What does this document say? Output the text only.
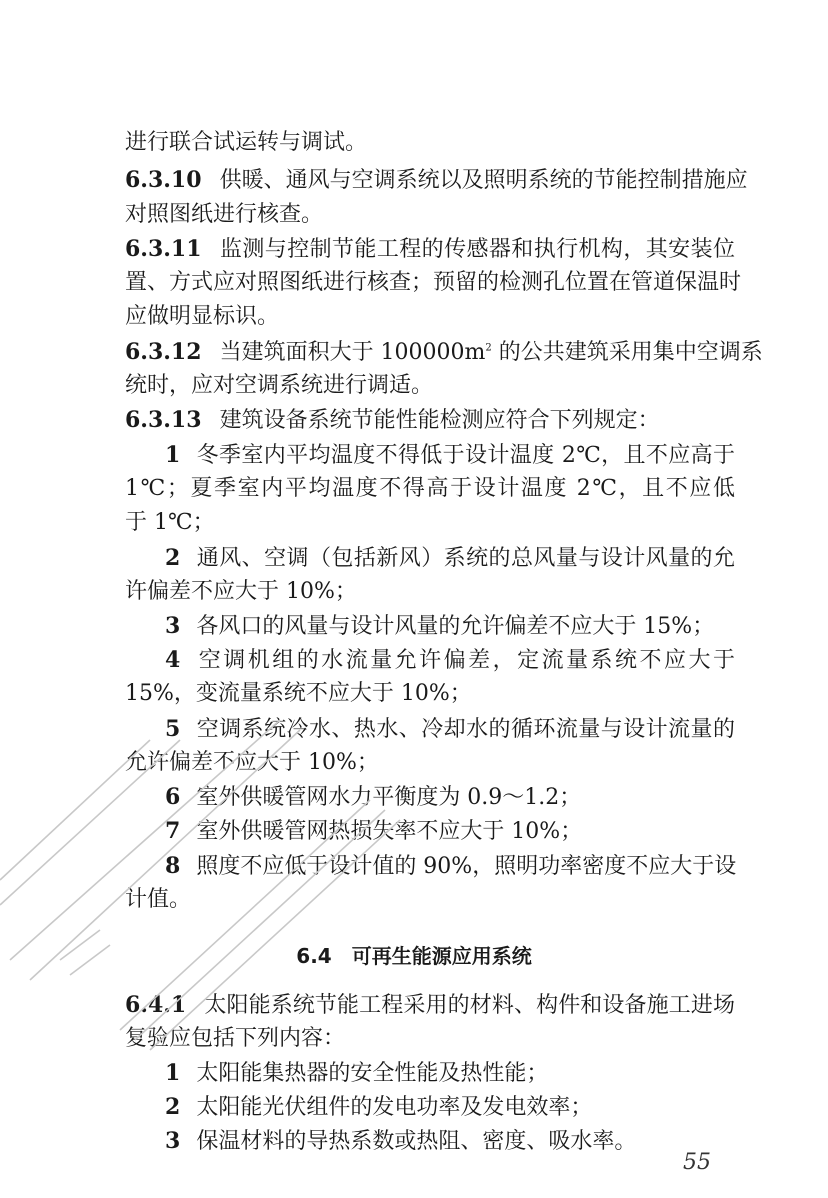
进行联合试运转与调试。
6.3.10 供暖、通风与空调系统以及照明系统的节能控制措施应
对照图纸进行核查。
6.3.11 监测与控制节能工程的传感器和执行机构，其安装位
置、方式应对照图纸进行核查；预留的检测孔位置在管道保温时
应做明显标识。
6.3.12 当建筑面积大于 $100000m^2$ 的公共建筑采用集中空调系
统时，应对空调系统进行调适。
6.3.13 建筑设备系统节能性能检测应符合下列规定：
1 冬季室内平均温度不得低于设计温度 2℃，且不应高于
1℃；夏季室内平均温度不得高于设计温度 2℃，且不应低
于 1℃；
2 通风、空调（包括新风）系统的总风量与设计风量的允
许偏差不应大于 10%；
3 各风口的风量与设计风量的允许偏差不应大于 15%；
4 空调机组的水流量允许偏差，定流量系统不应大于
15%，变流量系统不应大于 10%；
5 空调系统冷水、热水、冷却水的循环流量与设计流量的
允许偏差不应大于 10%；
6 室外供暖管网水力平衡度为 0.9～1.2；
7 室外供暖管网热损失率不应大于 10%；
8 照度不应低于设计值的 90%，照明功率密度不应大于设
计值。
6.4 可再生能源应用系统
6.4.1 太阳能系统节能工程采用的材料、构件和设备施工进场
复验应包括下列内容：
1 太阳能集热器的安全性能及热性能；
2 太阳能光伏组件的发电功率及发电效率；
3 保温材料的导热系数或热阻、密度、吸水率。
55
